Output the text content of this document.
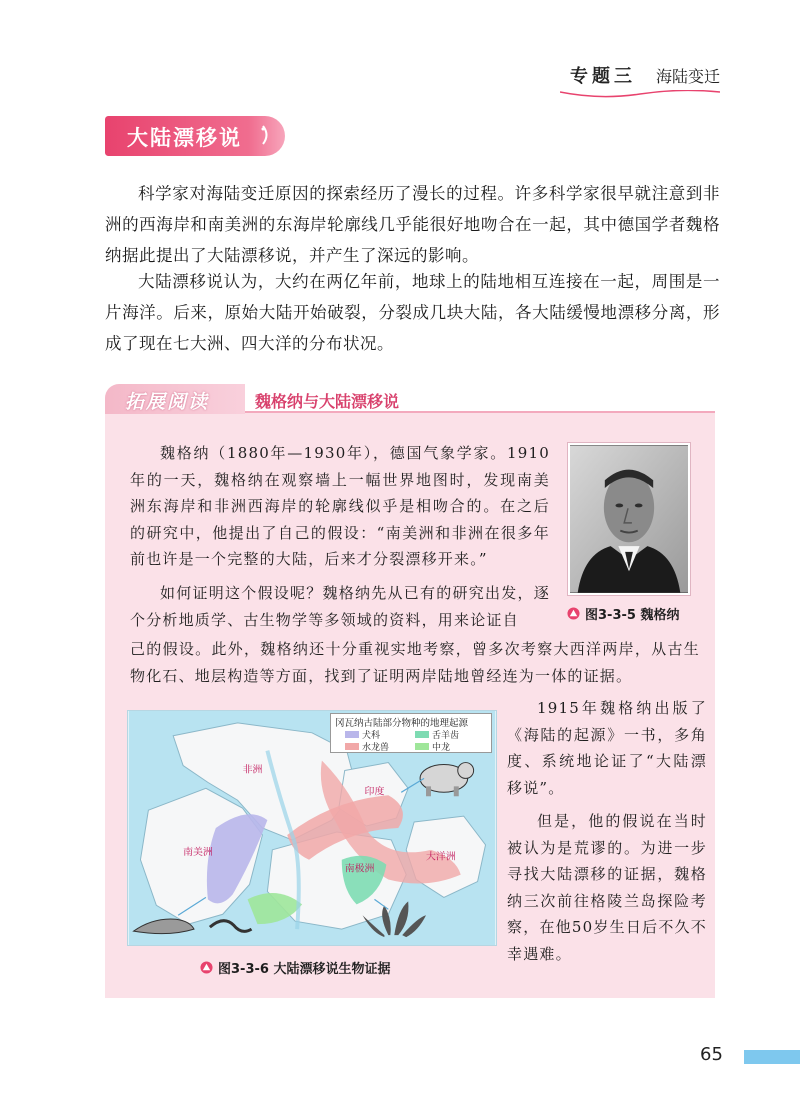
专题三 海陆变迁
大陆漂移说

科学家对海陆变迁原因的探索经历了漫长的过程。许多科学家很早就注意到非洲的西海岸和南美洲的东海岸轮廓线几乎能很好地吻合在一起，其中德国学者魏格纳据此提出了大陆漂移说，并产生了深远的影响。

大陆漂移说认为，大约在两亿年前，地球上的陆地相互连接在一起，周围是一片海洋。后来，原始大陆开始破裂，分裂成几块大陆，各大陆缓慢地漂移分离，形成了现在七大洲、四大洋的分布状况。

拓展阅读	魏格纳与大陆漂移说

魏格纳（1880年—1930年），德国气象学家。1910年的一天，魏格纳在观察墙上一幅世界地图时，发现南美洲东海岸和非洲西海岸的轮廓线似乎是相吻合的。在之后的研究中，他提出了自己的假设：“南美洲和非洲在很多年前也许是一个完整的大陆，后来才分裂漂移开来。”

如何证明这个假设呢？魏格纳先从已有的研究出发，逐个分析地质学、古生物学等多领域的资料，用来论证自

己的假设。此外，魏格纳还十分重视实地考察，曾多次考察大西洋两岸，从古生物化石、地层构造等方面，找到了证明两岸陆地曾经连为一体的证据。

1915年魏格纳出版了《海陆的起源》一书，多角度、系统地论证了“大陆漂移说”。

但是，他的假说在当时被认为是荒谬的。为进一步寻找大陆漂移的证据，魏格纳三次前往格陵兰岛探险考察，在他50岁生日后不久不幸遇难。

图3-3-5 魏格纳
非洲
印度
南美洲
南极洲
大洋洲
冈瓦纳古陆部分物种的地理起源
犬科	舌羊齿
水龙兽	中龙
图3-3-6 大陆漂移说生物证据
65
